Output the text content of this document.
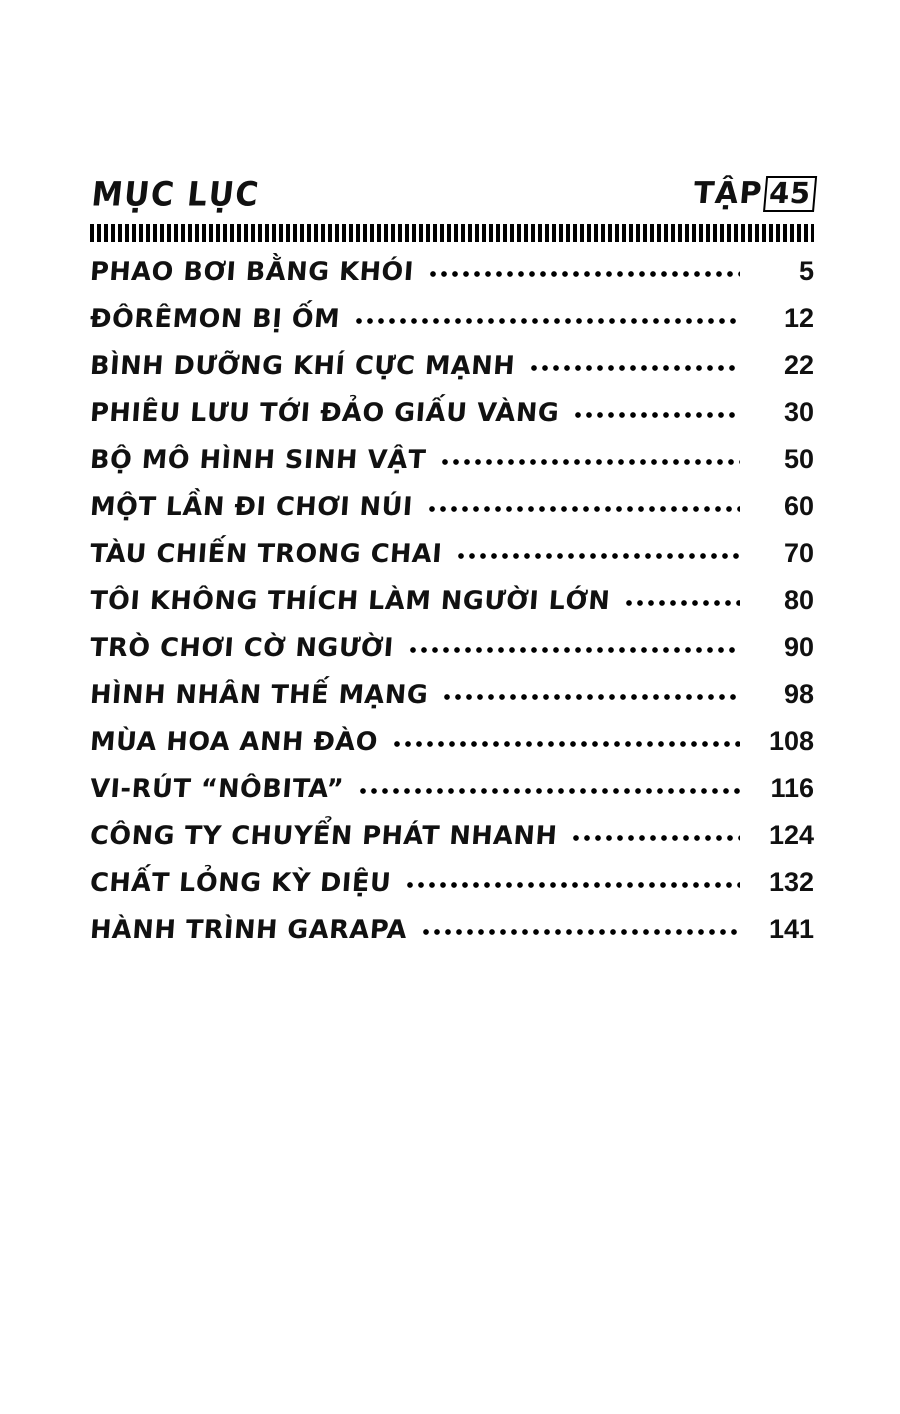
MỤC LỤC	TẬP 45
PHAO BƠI BẰNG KHÓI	5
ĐÔRÊMON BỊ ỐM	12
BÌNH DƯỠNG KHÍ CỰC MẠNH	22
PHIÊU LƯU TỚI ĐẢO GIẤU VÀNG	30
BỘ MÔ HÌNH SINH VẬT	50
MỘT LẦN ĐI CHƠI NÚI	60
TÀU CHIẾN TRONG CHAI	70
TÔI KHÔNG THÍCH LÀM NGƯỜI LỚN	80
TRÒ CHƠI CỜ NGƯỜI	90
HÌNH NHÂN THẾ MẠNG	98
MÙA HOA ANH ĐÀO	108
VI-RÚT “NÔBITA”	116
CÔNG TY CHUYỂN PHÁT NHANH	124
CHẤT LỎNG KỲ DIỆU	132
HÀNH TRÌNH GARAPA	141
